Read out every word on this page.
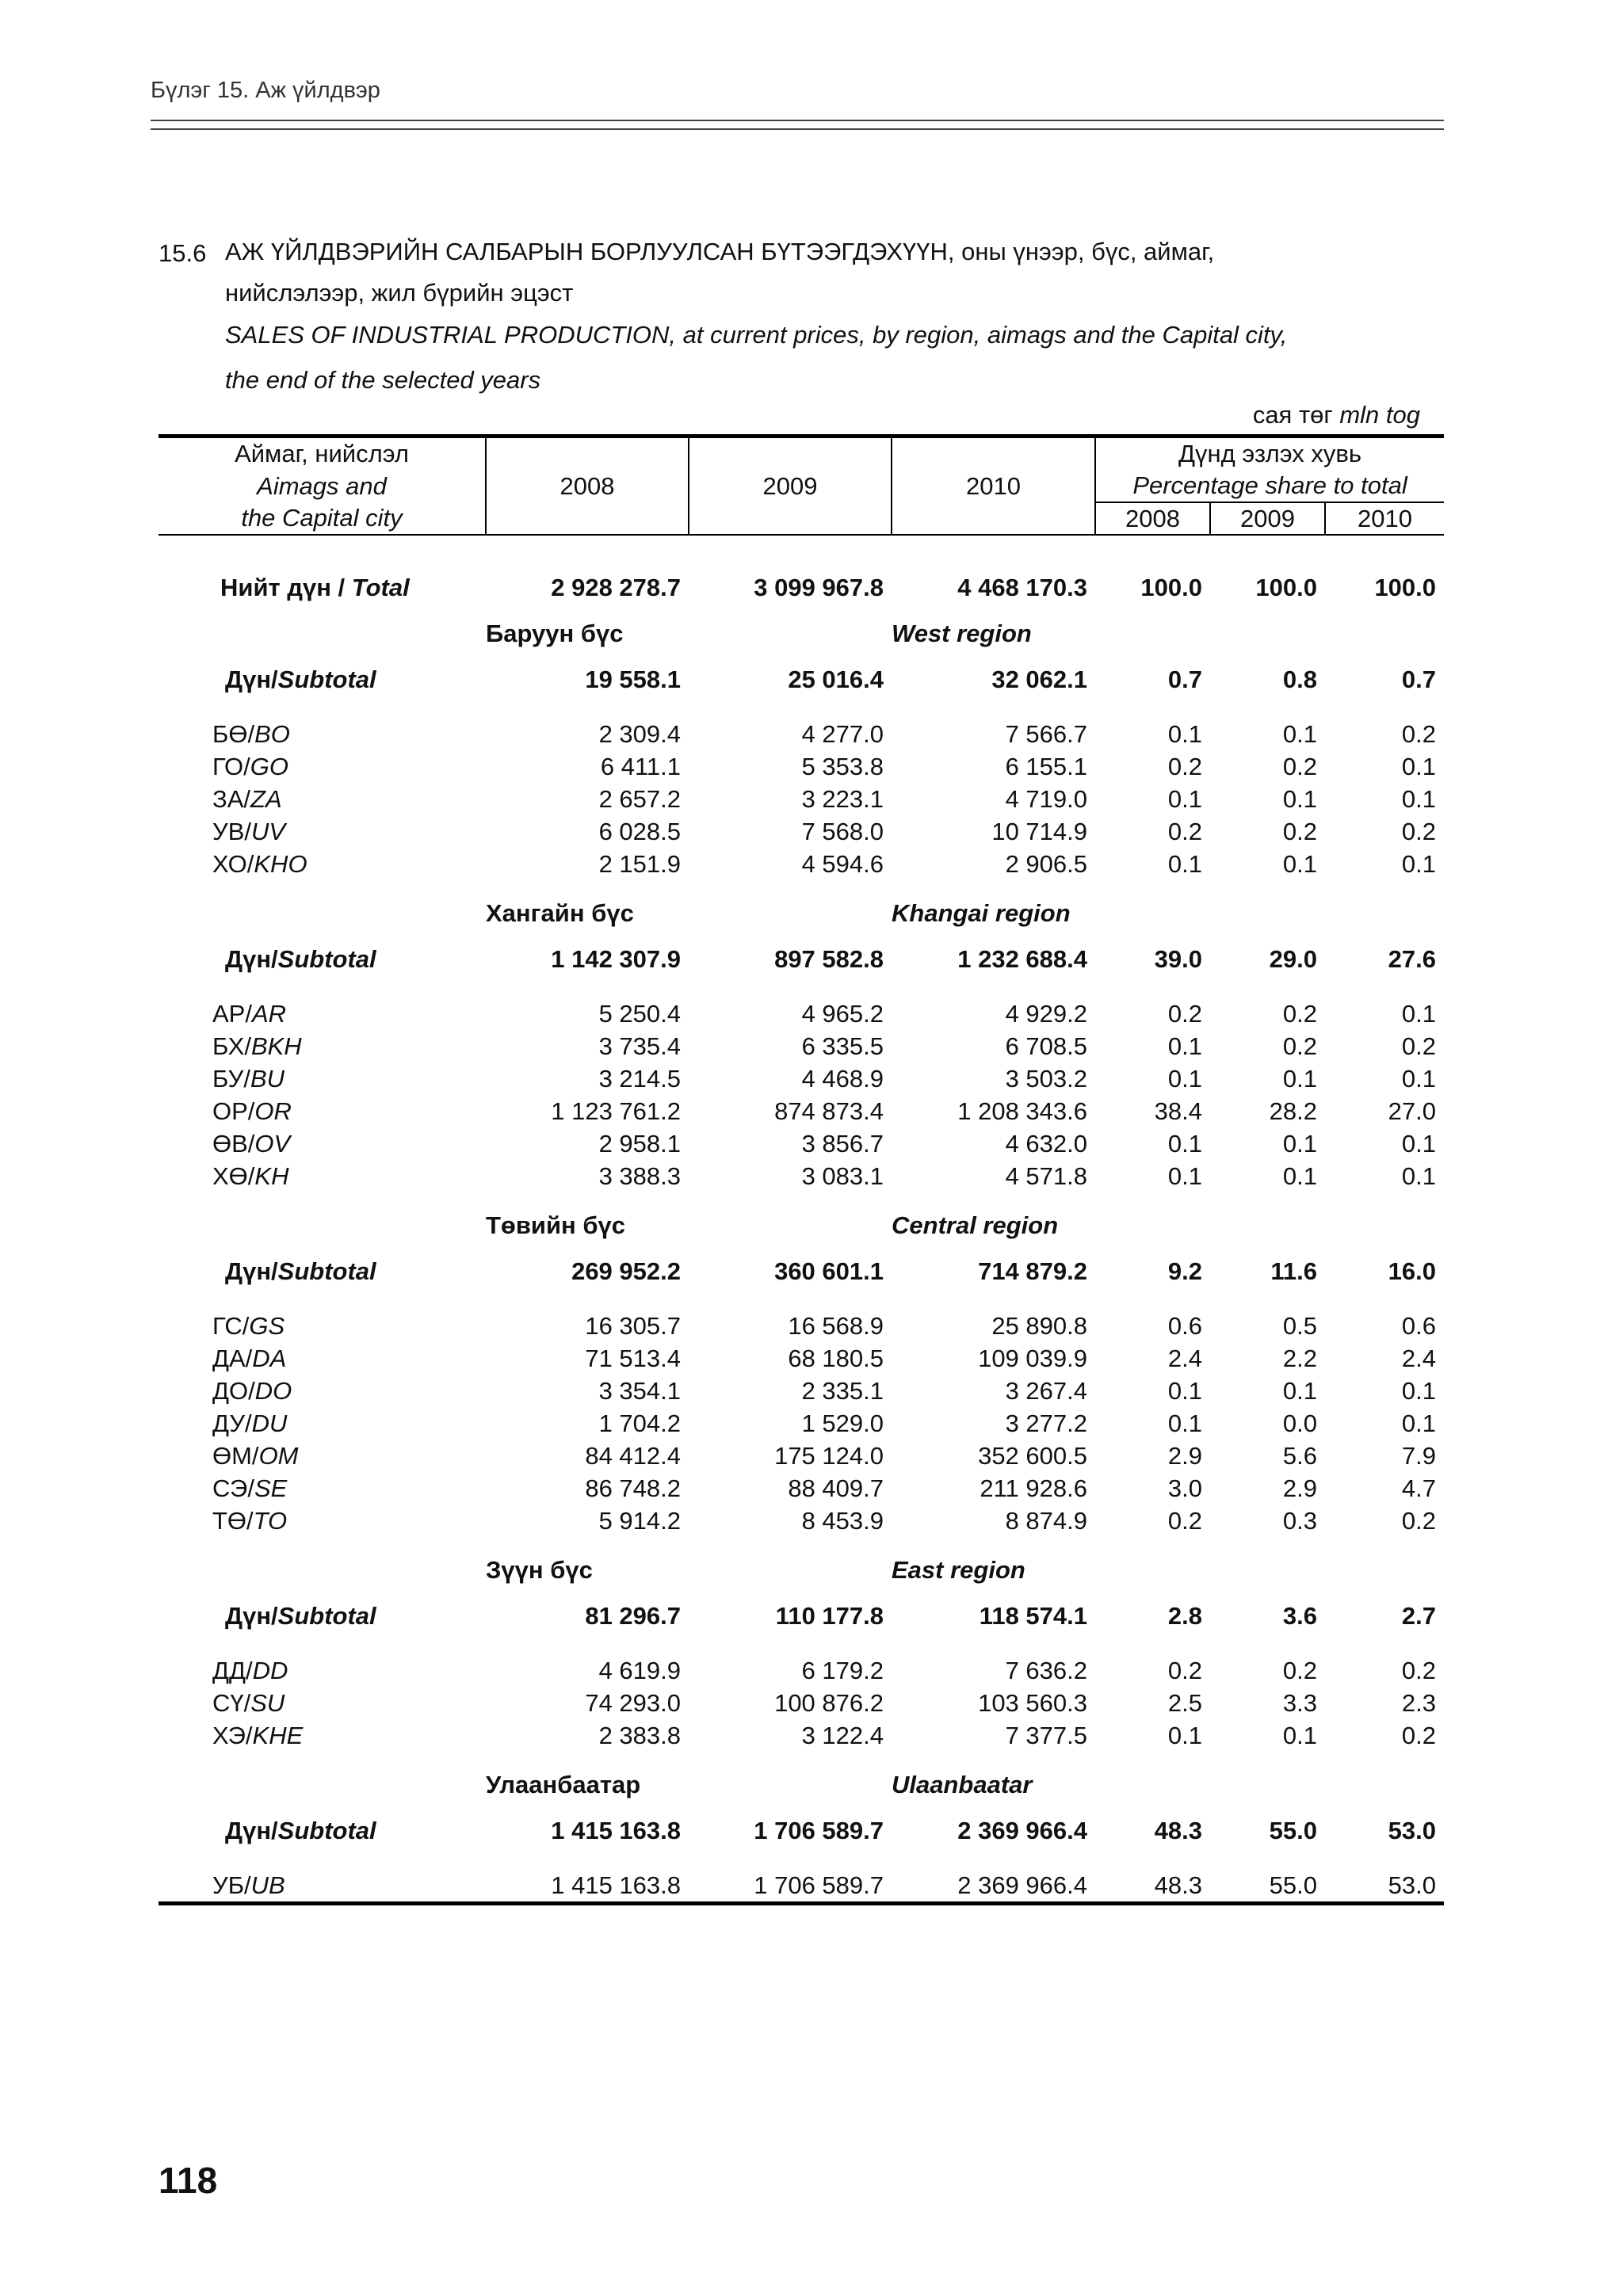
Бүлэг 15. Аж үйлдвэр
15.6 АЖ ҮЙЛДВЭРИЙН САЛБАРЫН БОРЛУУЛСАН БҮТЭЭГДЭХҮҮН, оны үнээр, бүс, аймаг,
нийслэлээр, жил бүрийн эцэст
SALES OF INDUSTRIAL PRODUCTION, at current prices, by region, aimags and the Capital city,
the end of the selected years
сая төг mln tog
Аймаг, нийслэл	2008	2009	2010	Дүнд эзлэх хувь		
Aimags and				Percentage share to total		
the Capital city				2008	2009	2010

Нийт дүн / Total	2 928 278.7	3 099 967.8	4 468 170.3	100.0	100.0	100.0
	Баруун бүс		West region			
Дүн/Subtotal	19 558.1	25 016.4	32 062.1	0.7	0.8	0.7

БӨ/BO	2 309.4	4 277.0	7 566.7	0.1	0.1	0.2
ГО/GO	6 411.1	5 353.8	6 155.1	0.2	0.2	0.1
ЗА/ZA	2 657.2	3 223.1	4 719.0	0.1	0.1	0.1
УВ/UV	6 028.5	7 568.0	10 714.9	0.2	0.2	0.2
ХО/KHO	2 151.9	4 594.6	2 906.5	0.1	0.1	0.1

	Хангайн бүс		Khangai region			
Дүн/Subtotal	1 142 307.9	897 582.8	1 232 688.4	39.0	29.0	27.6

АР/AR	5 250.4	4 965.2	4 929.2	0.2	0.2	0.1
БХ/BKH	3 735.4	6 335.5	6 708.5	0.1	0.2	0.2
БУ/BU	3 214.5	4 468.9	3 503.2	0.1	0.1	0.1
ОР/OR	1 123 761.2	874 873.4	1 208 343.6	38.4	28.2	27.0
ӨВ/OV	2 958.1	3 856.7	4 632.0	0.1	0.1	0.1
ХӨ/KH	3 388.3	3 083.1	4 571.8	0.1	0.1	0.1

	Төвийн бүс		Central region			
Дүн/Subtotal	269 952.2	360 601.1	714 879.2	9.2	11.6	16.0

ГС/GS	16 305.7	16 568.9	25 890.8	0.6	0.5	0.6
ДА/DA	71 513.4	68 180.5	109 039.9	2.4	2.2	2.4
ДО/DO	3 354.1	2 335.1	3 267.4	0.1	0.1	0.1
ДУ/DU	1 704.2	1 529.0	3 277.2	0.1	0.0	0.1
ӨМ/OM	84 412.4	175 124.0	352 600.5	2.9	5.6	7.9
СЭ/SE	86 748.2	88 409.7	211 928.6	3.0	2.9	4.7
ТӨ/TO	5 914.2	8 453.9	8 874.9	0.2	0.3	0.2

	Зүүн бүс		East region			
Дүн/Subtotal	81 296.7	110 177.8	118 574.1	2.8	3.6	2.7

ДД/DD	4 619.9	6 179.2	7 636.2	0.2	0.2	0.2
СҮ/SU	74 293.0	100 876.2	103 560.3	2.5	3.3	2.3
ХЭ/KHE	2 383.8	3 122.4	7 377.5	0.1	0.1	0.2

	Улаанбаатар		Ulaanbaatar			
Дүн/Subtotal	1 415 163.8	1 706 589.7	2 369 966.4	48.3	55.0	53.0

УБ/UB	1 415 163.8	1 706 589.7	2 369 966.4	48.3	55.0	53.0
118
